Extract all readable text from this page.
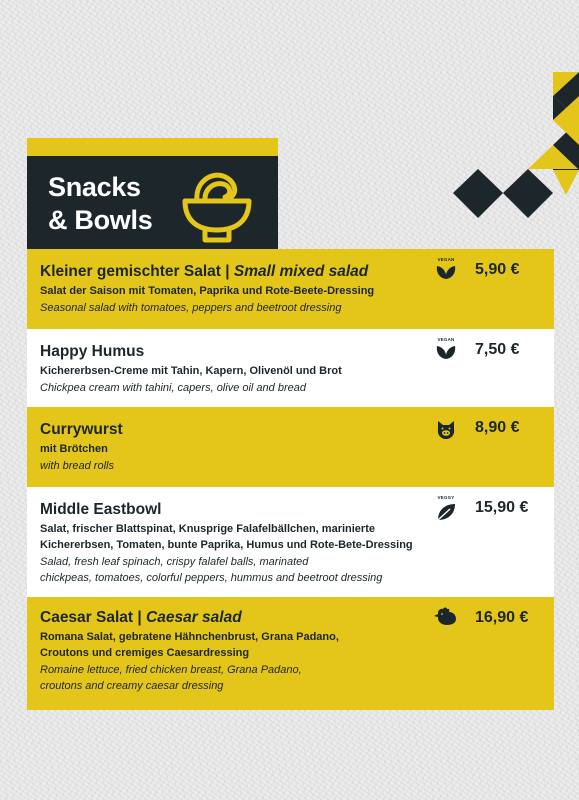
Snacks
& Bowls
Kleiner gemischter Salat | Small mixed salad
Salat der Saison mit Tomaten, Paprika und Rote-Beete-Dressing
Seasonal salad with tomatoes, peppers and beetroot dressing
VEGAN
5,90 €
Happy Humus
Kichererbsen-Creme mit Tahin, Kapern, Olivenöl und Brot
Chickpea cream with tahini, capers, olive oil and bread
VEGAN
7,50 €
Currywurst
mit Brötchen
with bread rolls
8,90 €
Middle Eastbowl
Salat, frischer Blattspinat, Knusprige Falafelbällchen, marinierte Kichererbsen, Tomaten, bunte Paprika, Humus und Rote-Bete-Dressing
Salad, fresh leaf spinach, crispy falafel balls, marinated
chickpeas, tomatoes, colorful peppers, hummus and beetroot dressing
VEGGY
15,90 €
Caesar Salat | Caesar salad
Romana Salat, gebratene Hähnchenbrust, Grana Padano,
Croutons und cremiges Caesardressing
Romaine lettuce, fried chicken breast, Grana Padano,
croutons and creamy caesar dressing
16,90 €
